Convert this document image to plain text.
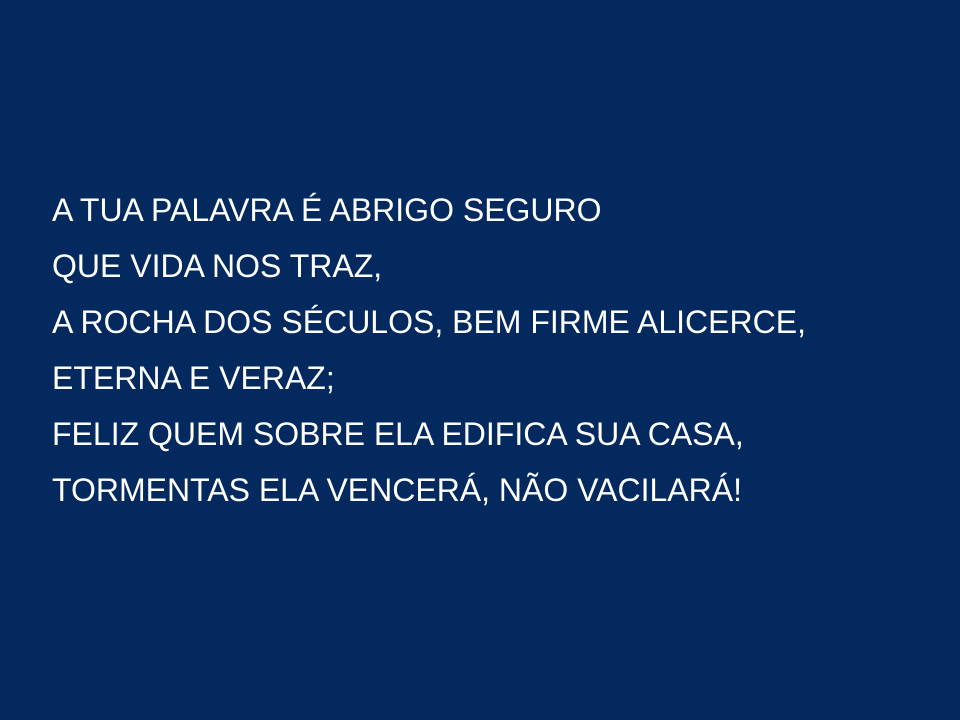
A TUA PALAVRA É ABRIGO SEGURO
QUE VIDA NOS TRAZ,
A ROCHA DOS SÉCULOS, BEM FIRME ALICERCE,
ETERNA E VERAZ;
FELIZ QUEM SOBRE ELA EDIFICA SUA CASA,
TORMENTAS ELA VENCERÁ, NÃO VACILARÁ!
